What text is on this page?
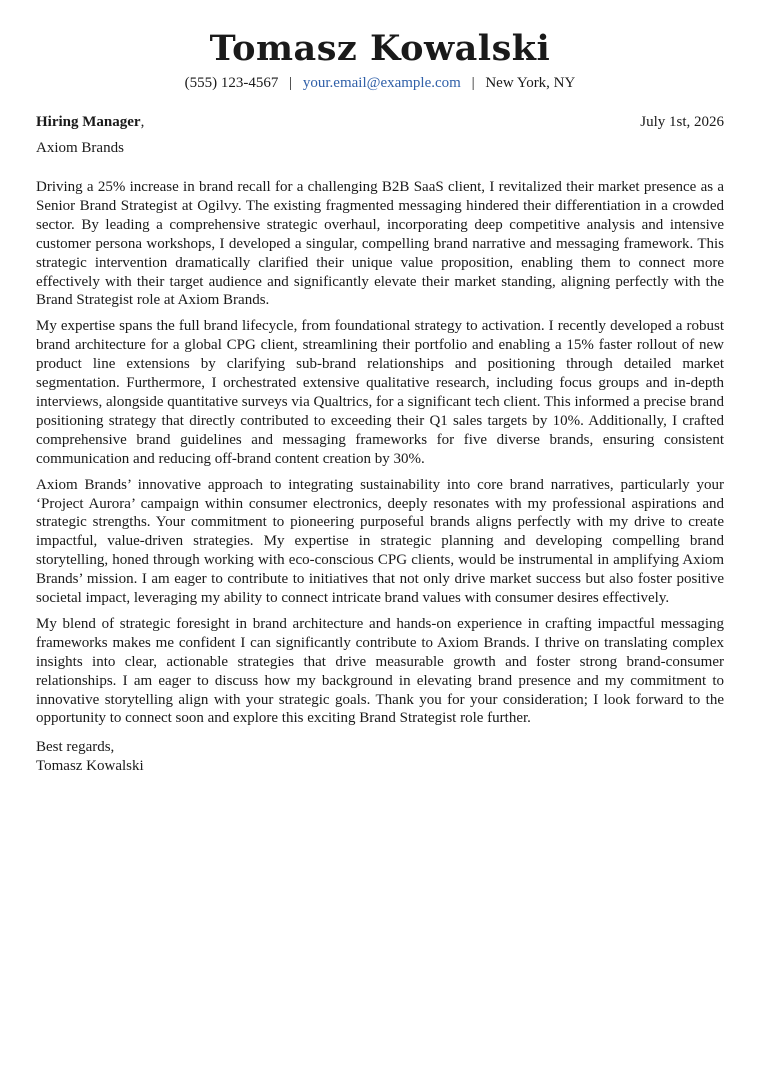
Tomasz Kowalski
(555) 123-4567 | your.email@example.com | New York, NY
Hiring Manager,	July 1st, 2026
Axiom Brands

Driving a 25% increase in brand recall for a challenging B2B SaaS client, I revitalized their market presence as a Senior Brand Strategist at Ogilvy. The existing fragmented messaging hindered their differentiation in a crowded sector. By leading a comprehensive strategic overhaul, incorporating deep competitive analysis and intensive customer persona workshops, I developed a singular, compelling brand narrative and messaging framework. This strategic intervention dramatically clarified their unique value proposition, enabling them to connect more effectively with their target audience and significantly elevate their market standing, aligning perfectly with the Brand Strategist role at Axiom Brands.

My expertise spans the full brand lifecycle, from foundational strategy to activation. I recently developed a robust brand architecture for a global CPG client, streamlining their portfolio and enabling a 15% faster rollout of new product line extensions by clarifying sub-brand relationships and positioning through detailed market segmentation. Furthermore, I orchestrated extensive qualitative research, including focus groups and in-depth interviews, alongside quantitative surveys via Qualtrics, for a significant tech client. This informed a precise brand positioning strategy that directly contributed to exceeding their Q1 sales targets by 10%. Additionally, I crafted comprehensive brand guidelines and messaging frameworks for five diverse brands, ensuring consistent communication and reducing off-brand content creation by 30%.

Axiom Brands’ innovative approach to integrating sustainability into core brand narratives, particularly your ‘Project Aurora’ campaign within consumer electronics, deeply resonates with my professional aspirations and strategic strengths. Your commitment to pioneering purposeful brands aligns perfectly with my drive to create impactful, value-driven strategies. My expertise in strategic planning and developing compelling brand storytelling, honed through working with eco-conscious CPG clients, would be instrumental in amplifying Axiom Brands’ mission. I am eager to contribute to initiatives that not only drive market success but also foster positive societal impact, leveraging my ability to connect intricate brand values with consumer desires effectively.

My blend of strategic foresight in brand architecture and hands-on experience in crafting impactful messaging frameworks makes me confident I can significantly contribute to Axiom Brands. I thrive on translating complex insights into clear, actionable strategies that drive measurable growth and foster strong brand-consumer relationships. I am eager to discuss how my background in elevating brand presence and my commitment to innovative storytelling align with your strategic goals. Thank you for your consideration; I look forward to the opportunity to connect soon and explore this exciting Brand Strategist role further.

Best regards,
Tomasz Kowalski
